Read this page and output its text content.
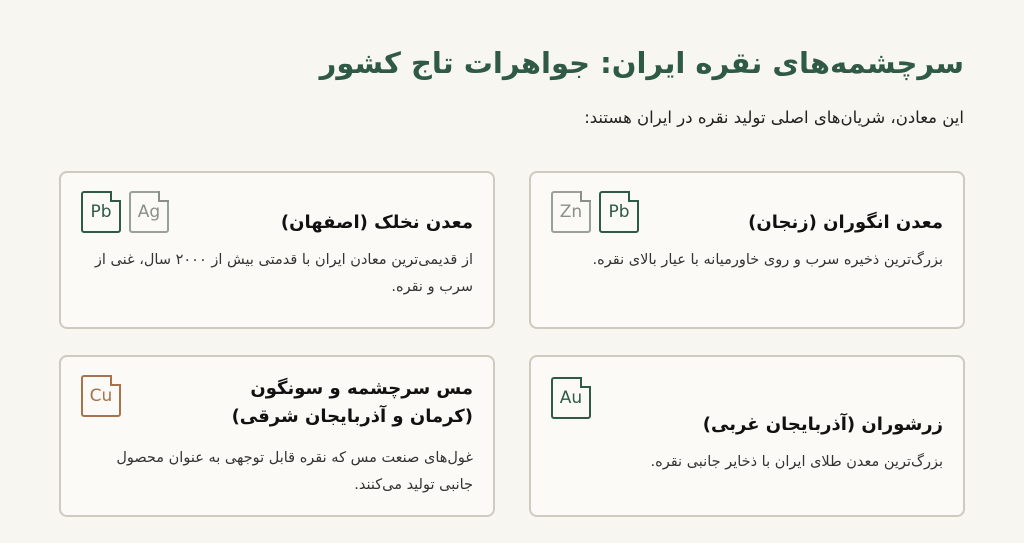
سرچشمه‌های نقره ایران: جواهرات تاج کشور

این معادن، شریان‌های اصلی تولید نقره در ایران هستند:

Zn	Pb	معدن انگوران (زنجان)

بزرگ‌ترین ذخیره سرب و روی خاورمیانه با عیار بالای نقره.

Pb	Ag	معدن نخلک (اصفهان)

از قدیمی‌ترین معادن ایران با قدمتی بیش از ۲۰۰۰ سال، غنی از سرب و نقره.

Au
زرشوران (آذربایجان غربی)

بزرگ‌ترین معدن طلای ایران با ذخایر جانبی نقره.

Cu	مس سرچشمه و سونگون (کرمان و آذربایجان شرقی)

غول‌های صنعت مس که نقره قابل توجهی به عنوان محصول جانبی تولید می‌کنند.
